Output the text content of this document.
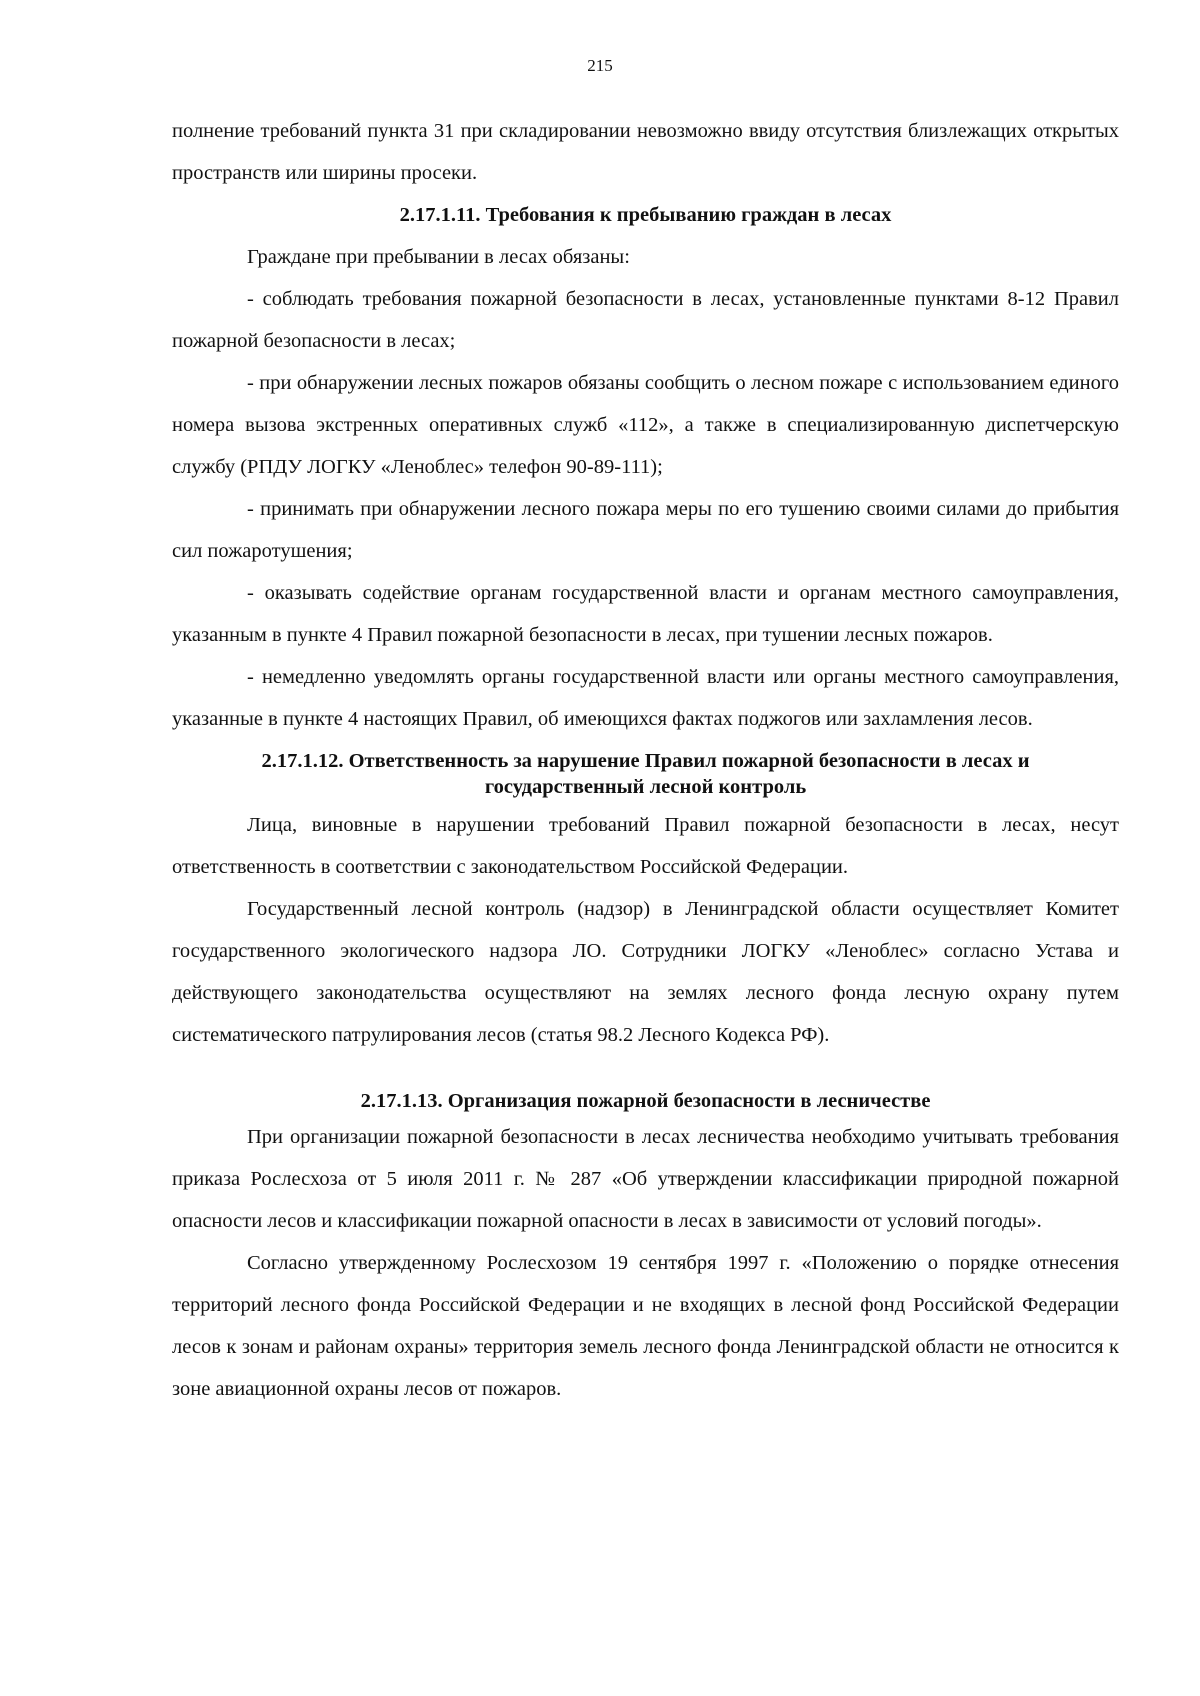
215

полнение требований пункта 31 при складировании невозможно ввиду отсутствия близлежащих открытых пространств или ширины просеки.

2.17.1.11. Требования к пребыванию граждан в лесах

Граждане при пребывании в лесах обязаны:

- соблюдать требования пожарной безопасности в лесах, установленные пунктами 8-12 Правил пожарной безопасности в лесах;

- при обнаружении лесных пожаров обязаны сообщить о лесном пожаре с использованием единого номера вызова экстренных оперативных служб «112», а также в специализированную диспетчерскую службу (РПДУ ЛОГКУ «Леноблес» телефон 90-89-111);

- принимать при обнаружении лесного пожара меры по его тушению своими силами до прибытия сил пожаротушения;

- оказывать содействие органам государственной власти и органам местного самоуправления, указанным в пункте 4 Правил пожарной безопасности в лесах, при тушении лесных пожаров.

- немедленно уведомлять органы государственной власти или органы местного самоуправления, указанные в пункте 4 настоящих Правил, об имеющихся фактах поджогов или захламления лесов.

2.17.1.12. Ответственность за нарушение Правил пожарной безопасности в лесах и
государственный лесной контроль

Лица, виновные в нарушении требований Правил пожарной безопасности в лесах, несут ответственность в соответствии с законодательством Российской Федерации.

Государственный лесной контроль (надзор) в Ленинградской области осуществляет Комитет государственного экологического надзора ЛО. Сотрудники ЛОГКУ «Леноблес» согласно Устава и действующего законодательства осуществляют на землях лесного фонда лесную охрану путем систематического патрулирования лесов (статья 98.2 Лесного Кодекса РФ).

2.17.1.13. Организация пожарной безопасности в лесничестве

При организации пожарной безопасности в лесах лесничества необходимо учитывать требования приказа Рослесхоза от 5 июля 2011 г. № 287 «Об утверждении классификации природной пожарной опасности лесов и классификации пожарной опасности в лесах в зависимости от условий погоды».

Согласно утвержденному Рослесхозом 19 сентября 1997 г. «Положению о порядке отнесения территорий лесного фонда Российской Федерации и не входящих в лесной фонд Российской Федерации лесов к зонам и районам охраны» территория земель лесного фонда Ленинградской области не относится к зоне авиационной охраны лесов от пожаров.
